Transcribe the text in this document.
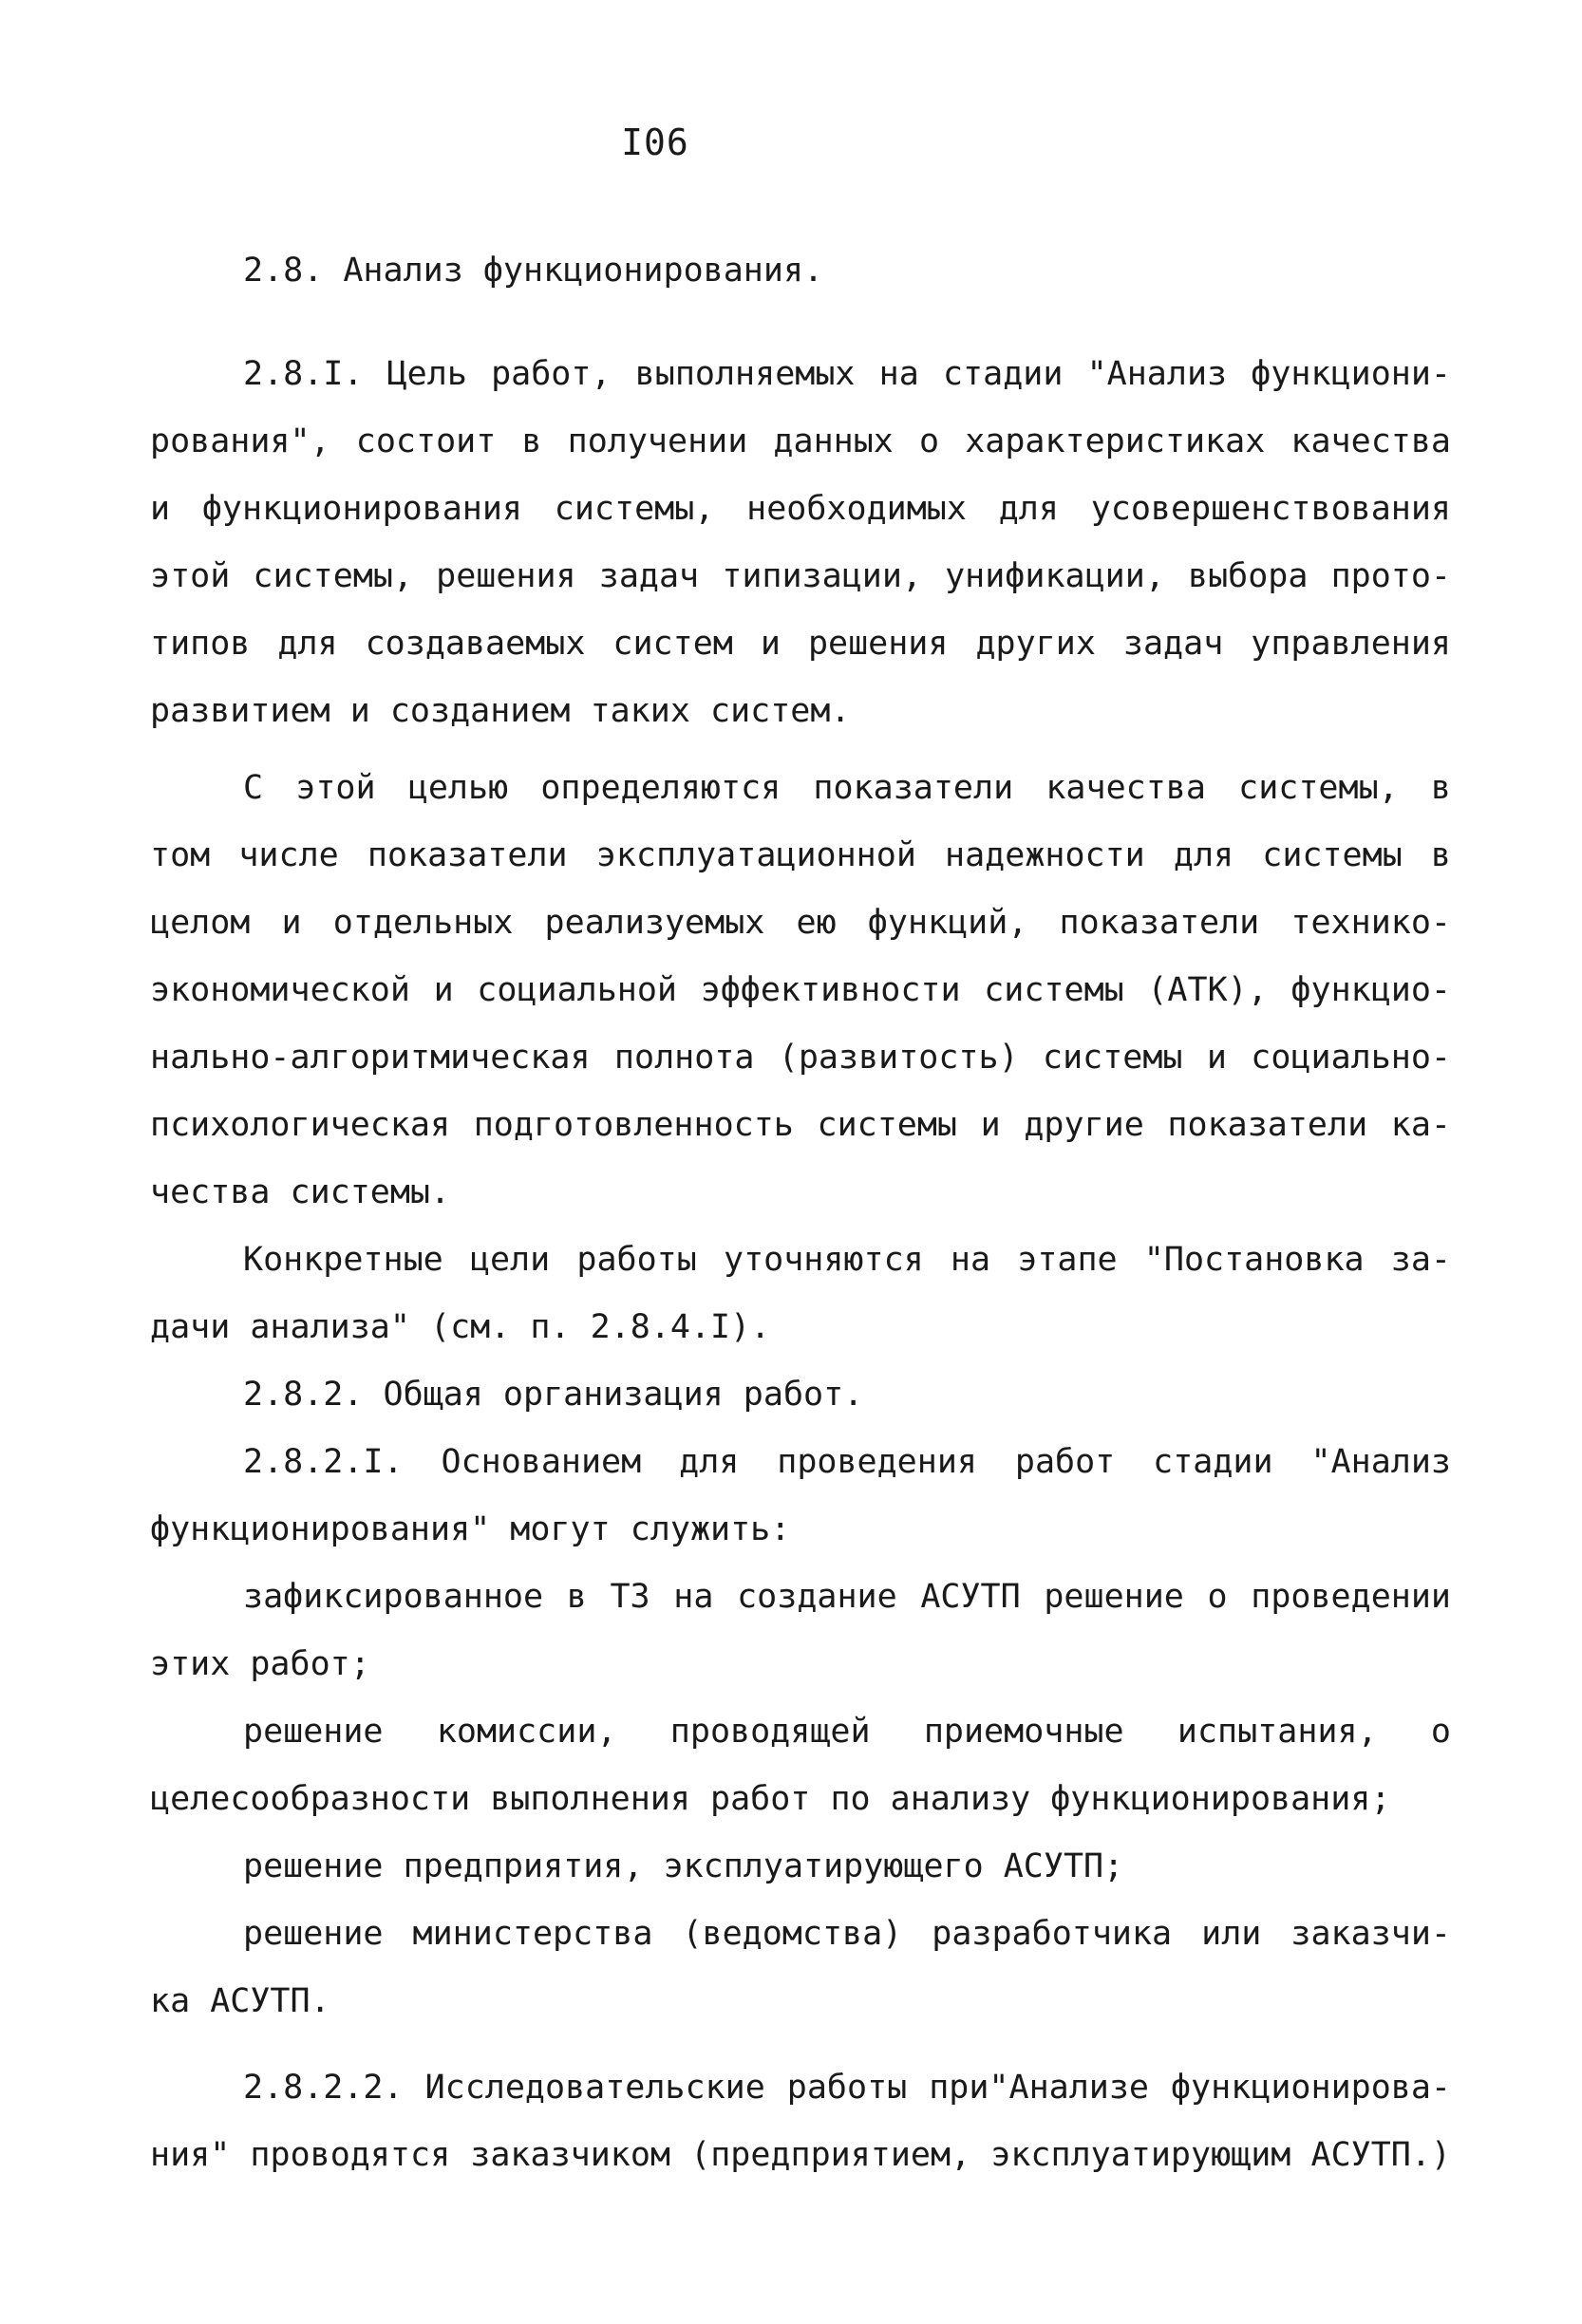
I06
2.8. Анализ функционирования.
2.8.I. Цель работ, выполняемых на стадии "Анализ функциони-
рования", состоит в получении данных о характеристиках качества
и функционирования системы, необходимых для усовершенствования
этой системы, решения задач типизации, унификации, выбора прото-
типов для создаваемых систем и решения других задач управления
развитием и созданием таких систем.
С этой целью определяются показатели качества системы, в
том числе показатели эксплуатационной надежности для системы в
целом и отдельных реализуемых ею функций, показатели технико-
экономической и социальной эффективности системы (АТК), функцио-
нально-алгоритмическая полнота (развитость) системы и социально-
психологическая подготовленность системы и другие показатели ка-
чества системы.
Конкретные цели работы уточняются на этапе "Постановка за-
дачи анализа" (см. п. 2.8.4.I).
2.8.2. Общая организация работ.
2.8.2.I. Основанием для проведения работ стадии "Анализ
функционирования" могут служить:
зафиксированное в ТЗ на создание АСУТП решение о проведении
этих работ;
решение комиссии, проводящей приемочные испытания, о
целесообразности выполнения работ по анализу функционирования;
решение предприятия, эксплуатирующего АСУТП;
решение министерства (ведомства) разработчика или заказчи-
ка АСУТП.
2.8.2.2. Исследовательские работы при"Анализе функционирова-
ния" проводятся заказчиком (предприятием, эксплуатирующим АСУТП.)
